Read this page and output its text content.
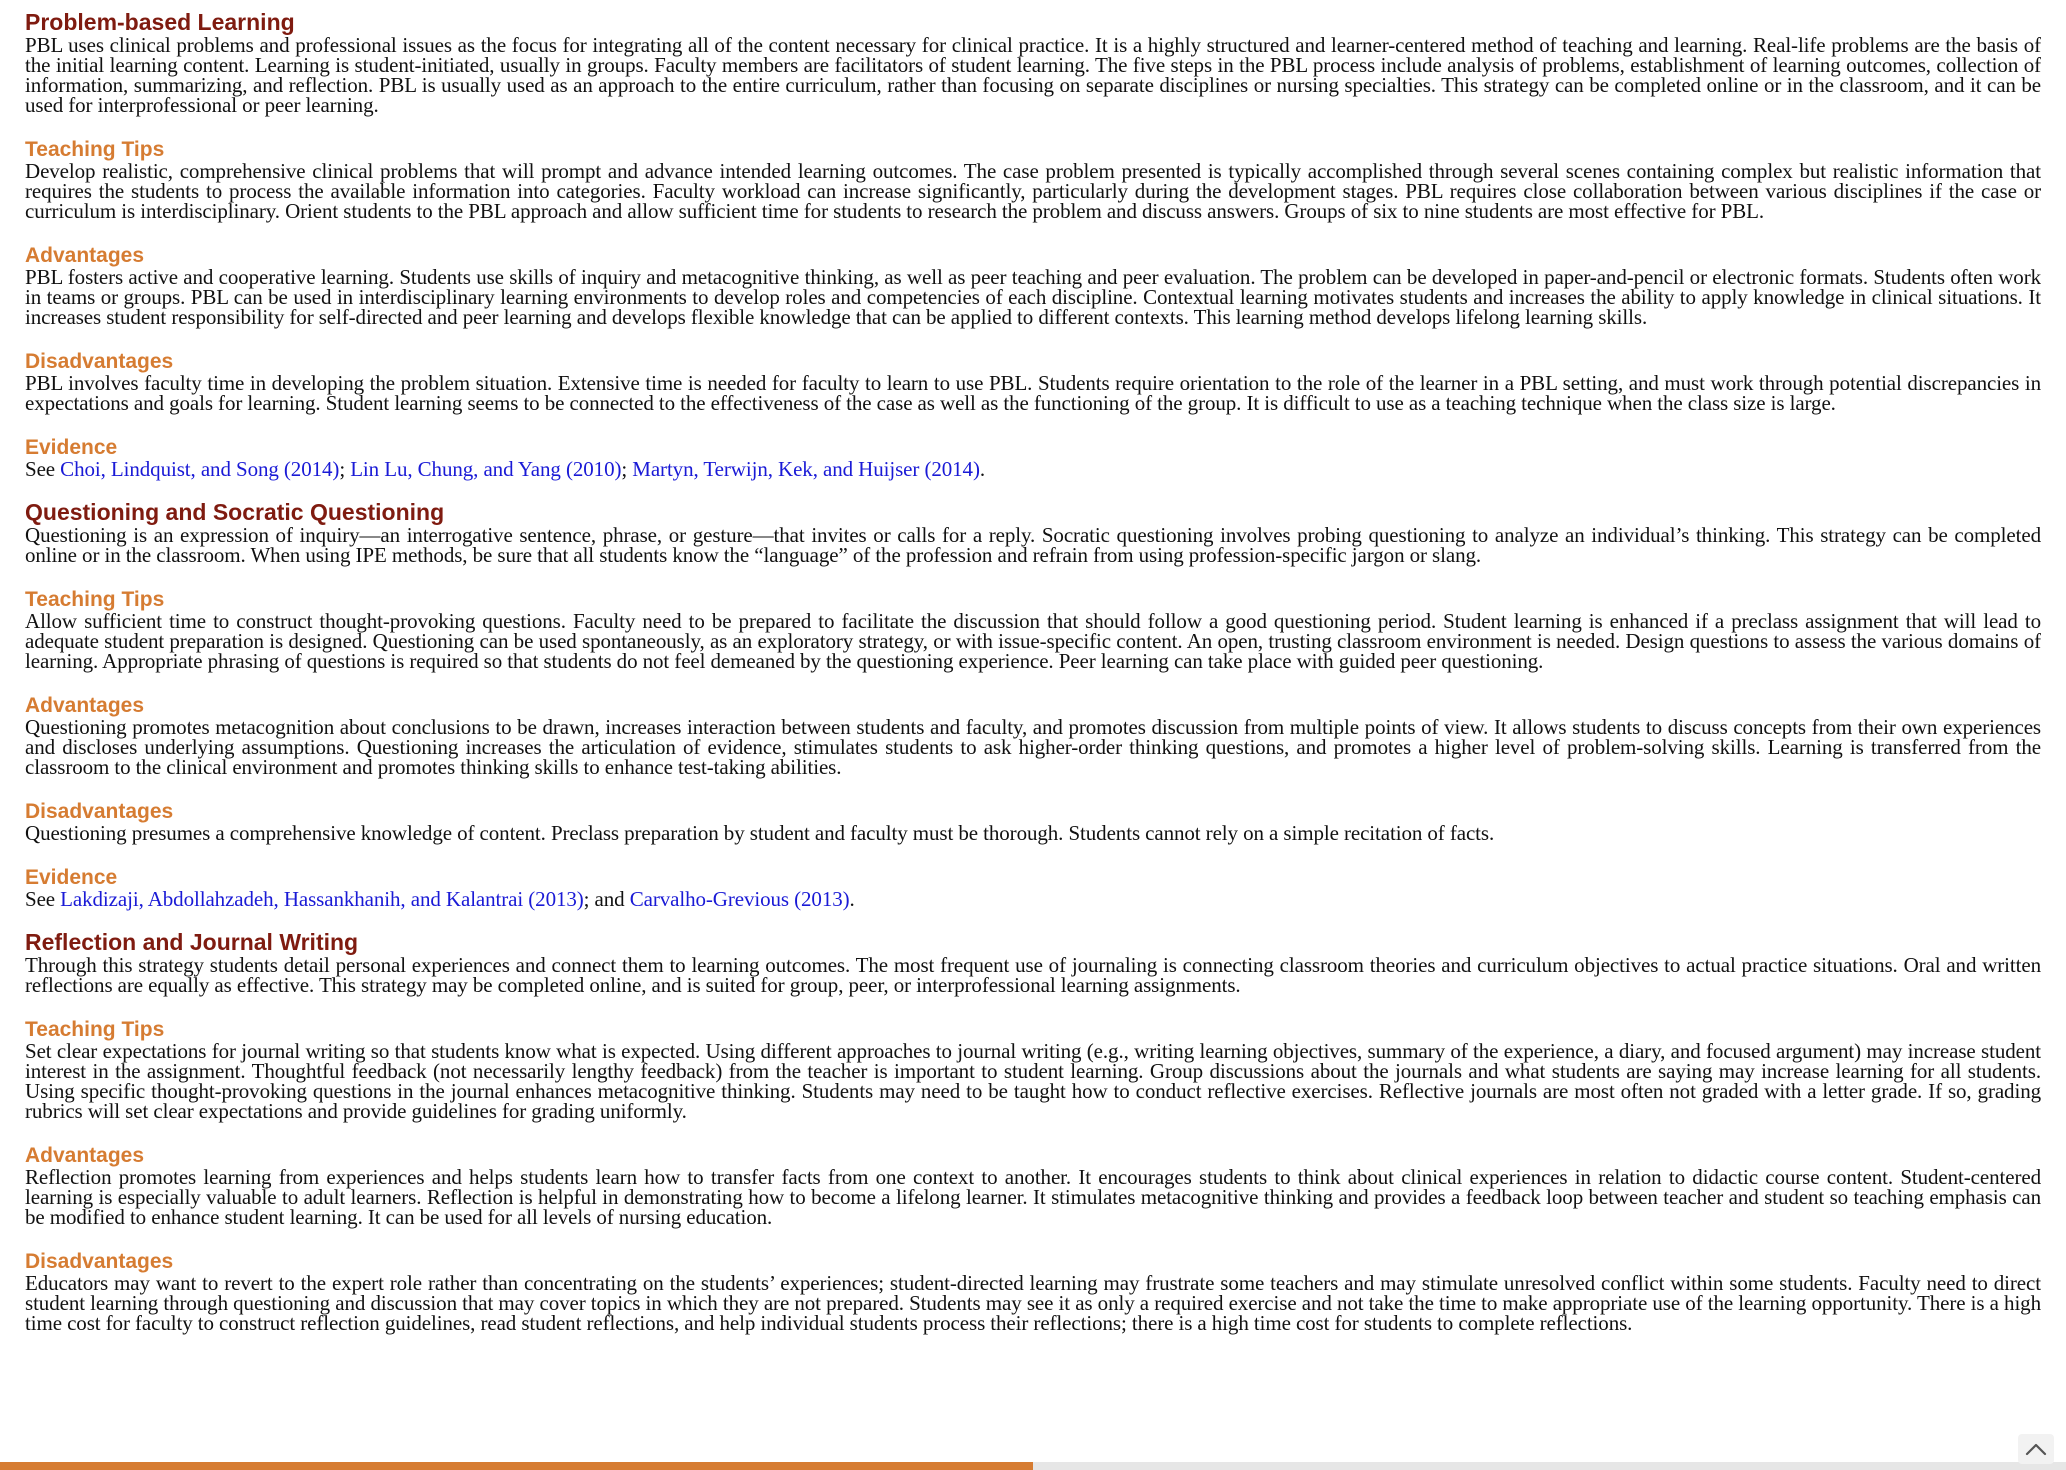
Problem-based Learning

PBL uses clinical problems and professional issues as the focus for integrating all of the content necessary for clinical practice. It is a highly structured and learner-centered method of teaching and learning. Real-life problems are the basis of the initial learning content. Learning is student-initiated, usually in groups. Faculty members are facilitators of student learning. The five steps in the PBL process include analysis of problems, establishment of learning outcomes, collection of information, summarizing, and reflection. PBL is usually used as an approach to the entire curriculum, rather than focusing on separate disciplines or nursing specialties. This strategy can be completed online or in the classroom, and it can be used for interprofessional or peer learning.

Teaching Tips

Develop realistic, comprehensive clinical problems that will prompt and advance intended learning outcomes. The case problem presented is typically accomplished through several scenes containing complex but realistic information that requires the students to process the available information into categories. Faculty workload can increase significantly, particularly during the development stages. PBL requires close collaboration between various disciplines if the case or curriculum is interdisciplinary. Orient students to the PBL approach and allow sufficient time for students to research the problem and discuss answers. Groups of six to nine students are most effective for PBL.

Advantages

PBL fosters active and cooperative learning. Students use skills of inquiry and metacognitive thinking, as well as peer teaching and peer evaluation. The problem can be developed in paper-and-pencil or electronic formats. Students often work in teams or groups. PBL can be used in interdisciplinary learning environments to develop roles and competencies of each discipline. Contextual learning motivates students and increases the ability to apply knowledge in clinical situations. It increases student responsibility for self-directed and peer learning and develops flexible knowledge that can be applied to different contexts. This learning method develops lifelong learning skills.

Disadvantages

PBL involves faculty time in developing the problem situation. Extensive time is needed for faculty to learn to use PBL. Students require orientation to the role of the learner in a PBL setting, and must work through potential discrepancies in expectations and goals for learning. Student learning seems to be connected to the effectiveness of the case as well as the functioning of the group. It is difficult to use as a teaching technique when the class size is large.

Evidence

See Choi, Lindquist, and Song (2014); Lin Lu, Chung, and Yang (2010); Martyn, Terwijn, Kek, and Huijser (2014).

Questioning and Socratic Questioning

Questioning is an expression of inquiry—an interrogative sentence, phrase, or gesture—that invites or calls for a reply. Socratic questioning involves probing questioning to analyze an individual’s thinking. This strategy can be completed online or in the classroom. When using IPE methods, be sure that all students know the “language” of the profession and refrain from using profession-specific jargon or slang.

Teaching Tips

Allow sufficient time to construct thought-provoking questions. Faculty need to be prepared to facilitate the discussion that should follow a good questioning period. Student learning is enhanced if a preclass assignment that will lead to adequate student preparation is designed. Questioning can be used spontaneously, as an exploratory strategy, or with issue-specific content. An open, trusting classroom environment is needed. Design questions to assess the various domains of learning. Appropriate phrasing of questions is required so that students do not feel demeaned by the questioning experience. Peer learning can take place with guided peer questioning.

Advantages

Questioning promotes metacognition about conclusions to be drawn, increases interaction between students and faculty, and promotes discussion from multiple points of view. It allows students to discuss concepts from their own experiences and discloses underlying assumptions. Questioning increases the articulation of evidence, stimulates students to ask higher-order thinking questions, and promotes a higher level of problem-solving skills. Learning is transferred from the classroom to the clinical environment and promotes thinking skills to enhance test-taking abilities.

Disadvantages

Questioning presumes a comprehensive knowledge of content. Preclass preparation by student and faculty must be thorough. Students cannot rely on a simple recitation of facts.

Evidence

See Lakdizaji, Abdollahzadeh, Hassankhanih, and Kalantrai (2013); and Carvalho-Grevious (2013).

Reflection and Journal Writing

Through this strategy students detail personal experiences and connect them to learning outcomes. The most frequent use of journaling is connecting classroom theories and curriculum objectives to actual practice situations. Oral and written reflections are equally as effective. This strategy may be completed online, and is suited for group, peer, or interprofessional learning assignments.

Teaching Tips

Set clear expectations for journal writing so that students know what is expected. Using different approaches to journal writing (e.g., writing learning objectives, summary of the experience, a diary, and focused argument) may increase student interest in the assignment. Thoughtful feedback (not necessarily lengthy feedback) from the teacher is important to student learning. Group discussions about the journals and what students are saying may increase learning for all students. Using specific thought-provoking questions in the journal enhances metacognitive thinking. Students may need to be taught how to conduct reflective exercises. Reflective journals are most often not graded with a letter grade. If so, grading rubrics will set clear expectations and provide guidelines for grading uniformly.

Advantages

Reflection promotes learning from experiences and helps students learn how to transfer facts from one context to another. It encourages students to think about clinical experiences in relation to didactic course content. Student-centered learning is especially valuable to adult learners. Reflection is helpful in demonstrating how to become a lifelong learner. It stimulates metacognitive thinking and provides a feedback loop between teacher and student so teaching emphasis can be modified to enhance student learning. It can be used for all levels of nursing education.

Disadvantages

Educators may want to revert to the expert role rather than concentrating on the students’ experiences; student-directed learning may frustrate some teachers and may stimulate unresolved conflict within some students. Faculty need to direct student learning through questioning and discussion that may cover topics in which they are not prepared. Students may see it as only a required exercise and not take the time to make appropriate use of the learning opportunity. There is a high time cost for faculty to construct reflection guidelines, read student reflections, and help individual students process their reflections; there is a high time cost for students to complete reflections.
